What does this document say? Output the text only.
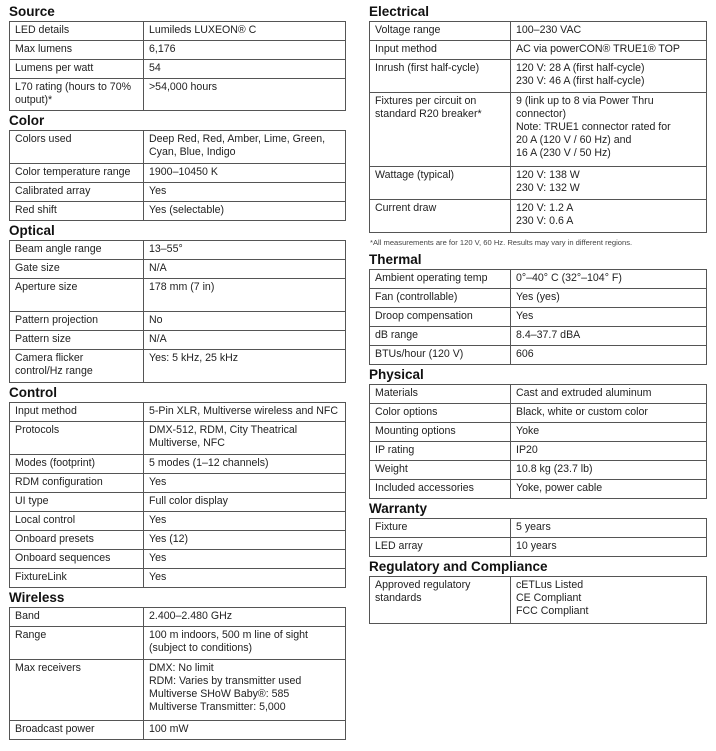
Source
LED details	Lumileds LUXEON® C
Max lumens	6,176
Lumens per watt	54
L70 rating (hours to 70%
output)*	>54,000 hours
Color
Colors used	Deep Red, Red, Amber, Lime, Green,
Cyan, Blue, Indigo
Color temperature range	1900–10450 K
Calibrated array	Yes
Red shift	Yes (selectable)
Optical
Beam angle range	13–55°
Gate size	N/A
Aperture size	178 mm (7 in)
Pattern projection	No
Pattern size	N/A
Camera flicker
control/Hz range	Yes: 5 kHz, 25 kHz
Control
Input method	5-Pin XLR, Multiverse wireless and NFC
Protocols	DMX-512, RDM, City Theatrical
Multiverse, NFC
Modes (footprint)	5 modes (1–12 channels)
RDM configuration	Yes
UI type	Full color display
Local control	Yes
Onboard presets	Yes (12)
Onboard sequences	Yes
FixtureLink	Yes
Wireless
Band	2.400–2.480 GHz
Range	100 m indoors, 500 m line of sight
(subject to conditions)
Max receivers	DMX: No limit
RDM: Varies by transmitter used
Multiverse SHoW Baby®: 585
Multiverse Transmitter: 5,000
Broadcast power	100 mW
Electrical
Voltage range	100–230 VAC
Input method	AC via powerCON® TRUE1® TOP
Inrush (first half-cycle)	120 V: 28 A (first half-cycle)
230 V: 46 A (first half-cycle)
Fixtures per circuit on
standard R20 breaker*	9 (link up to 8 via Power Thru
connector)
Note: TRUE1 connector rated for
20 A (120 V / 60 Hz) and
16 A (230 V / 50 Hz)
Wattage (typical)	120 V: 138 W
230 V: 132 W
Current draw	120 V: 1.2 A
230 V: 0.6 A
*All measurements are for 120 V, 60 Hz. Results may vary in different regions.
Thermal
Ambient operating temp	0°–40° C (32°–104° F)
Fan (controllable)	Yes (yes)
Droop compensation	Yes
dB range	8.4–37.7 dBA
BTUs/hour (120 V)	606
Physical
Materials	Cast and extruded aluminum
Color options	Black, white or custom color
Mounting options	Yoke
IP rating	IP20
Weight	10.8 kg (23.7 lb)
Included accessories	Yoke, power cable
Warranty
Fixture	5 years
LED array	10 years
Regulatory and Compliance
Approved regulatory
standards	cETLus Listed
CE Compliant
FCC Compliant
